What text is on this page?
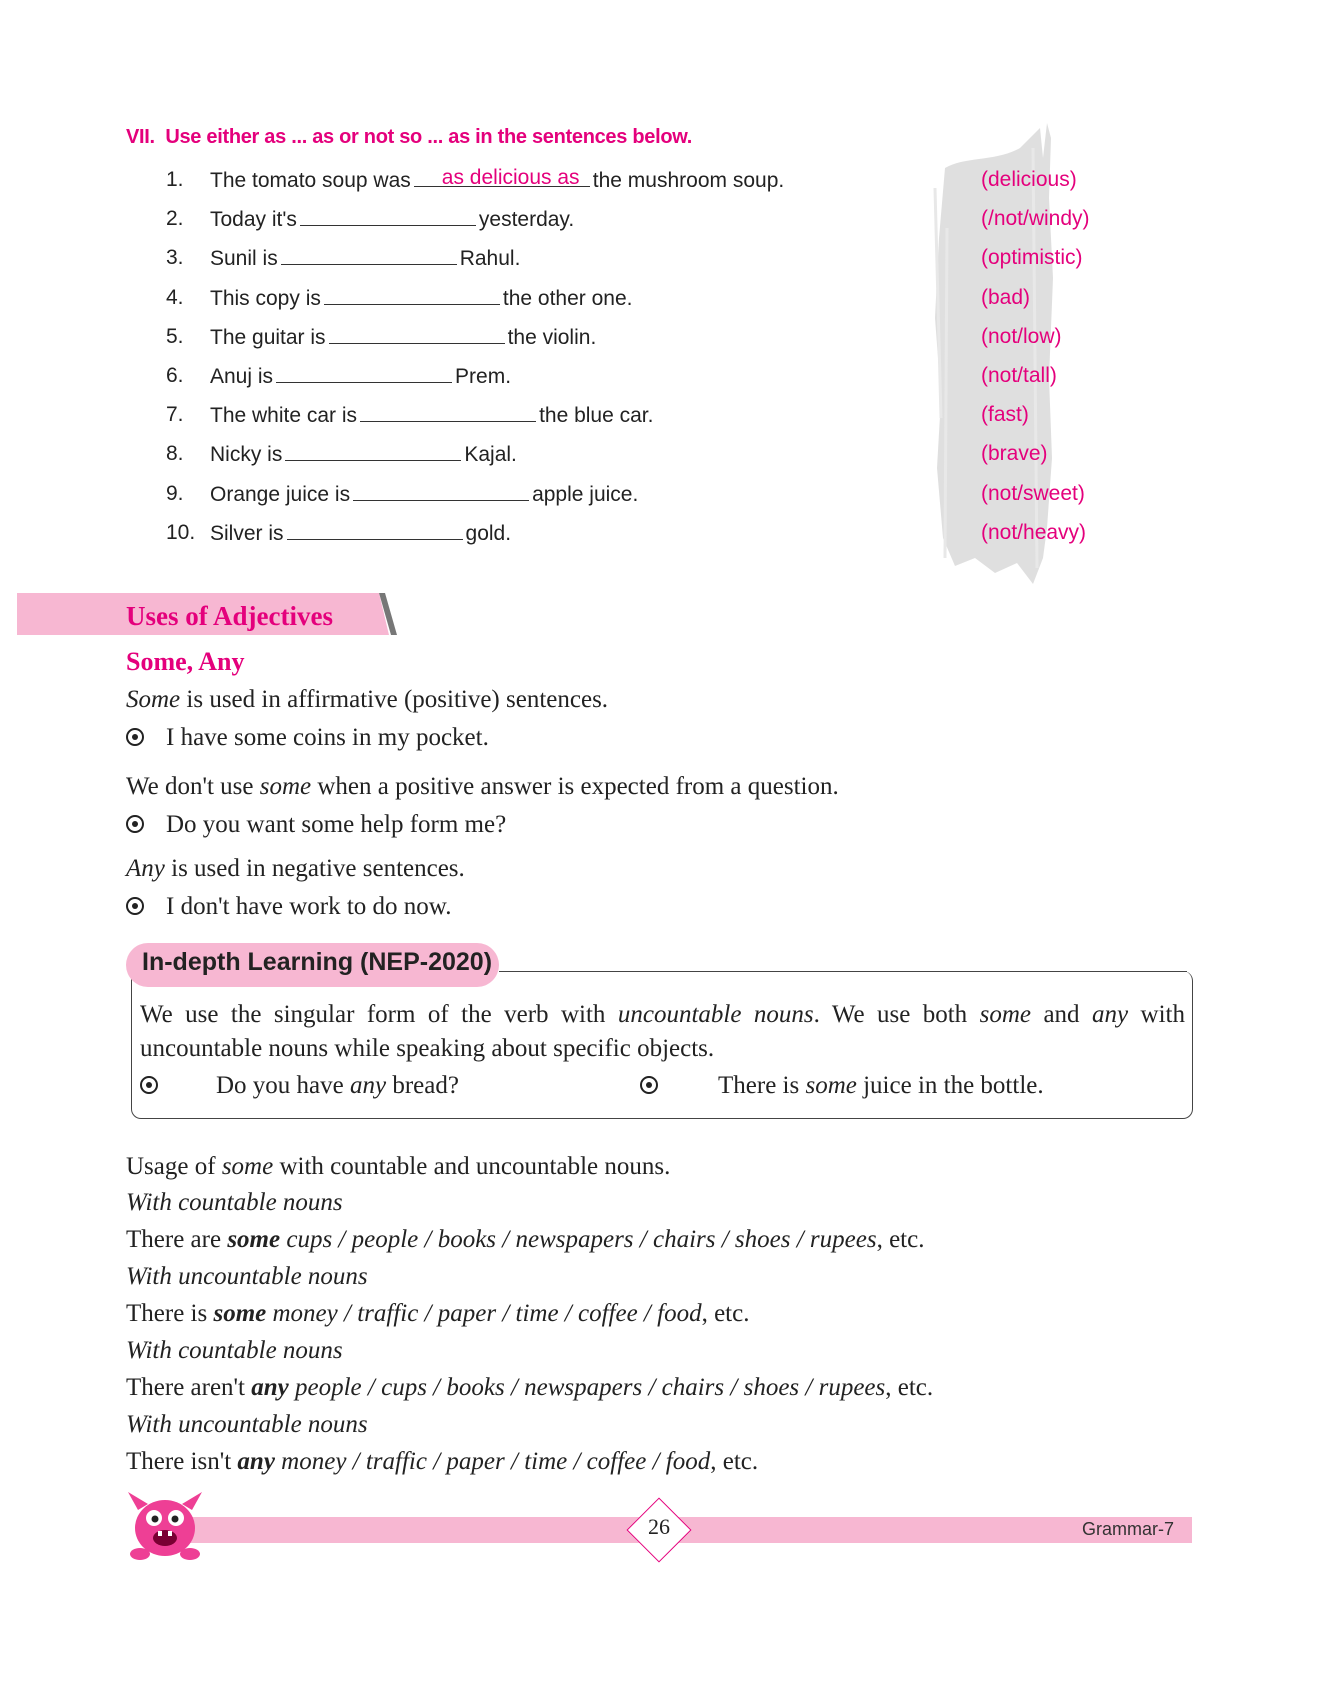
VII. Use either as ... as or not so ... as in the sentences below.
1.	The tomato soup was as delicious as the mushroom soup.	(delicious)
2.	Today it's	yesterday.	(/not/windy)
3.	Sunil is	Rahul.	(optimistic)
4.	This copy is	the other one.	(bad)
5.	The guitar is	the violin.	(not/low)
6.	Anuj is	Prem.	(not/tall)
7.	The white car is	the blue car.	(fast)
8.	Nicky is	Kajal.	(brave)
9.	Orange juice is	apple juice.	(not/sweet)
10. Silver is	gold.	(not/heavy)
Uses of Adjectives
Some, Any
Some is used in affirmative (positive) sentences.
I have some coins in my pocket.
We don't use some when a positive answer is expected from a question.
Do you want some help form me?
Any is used in negative sentences.
I don't have work to do now.
In-depth Learning (NEP-2020)
We use the singular form of the verb with uncountable nouns. We use both some and any with uncountable nouns while speaking about specific objects.
Do you have any bread?	There is some juice in the bottle.
Usage of some with countable and uncountable nouns.
With countable nouns
There are some cups / people / books / newspapers / chairs / shoes / rupees, etc.
With uncountable nouns
There is some money / traffic / paper / time / coffee / food, etc.
With countable nouns
There aren't any people / cups / books / newspapers / chairs / shoes / rupees, etc.
With uncountable nouns
There isn't any money / traffic / paper / time / coffee / food, etc.
26	Grammar-7
